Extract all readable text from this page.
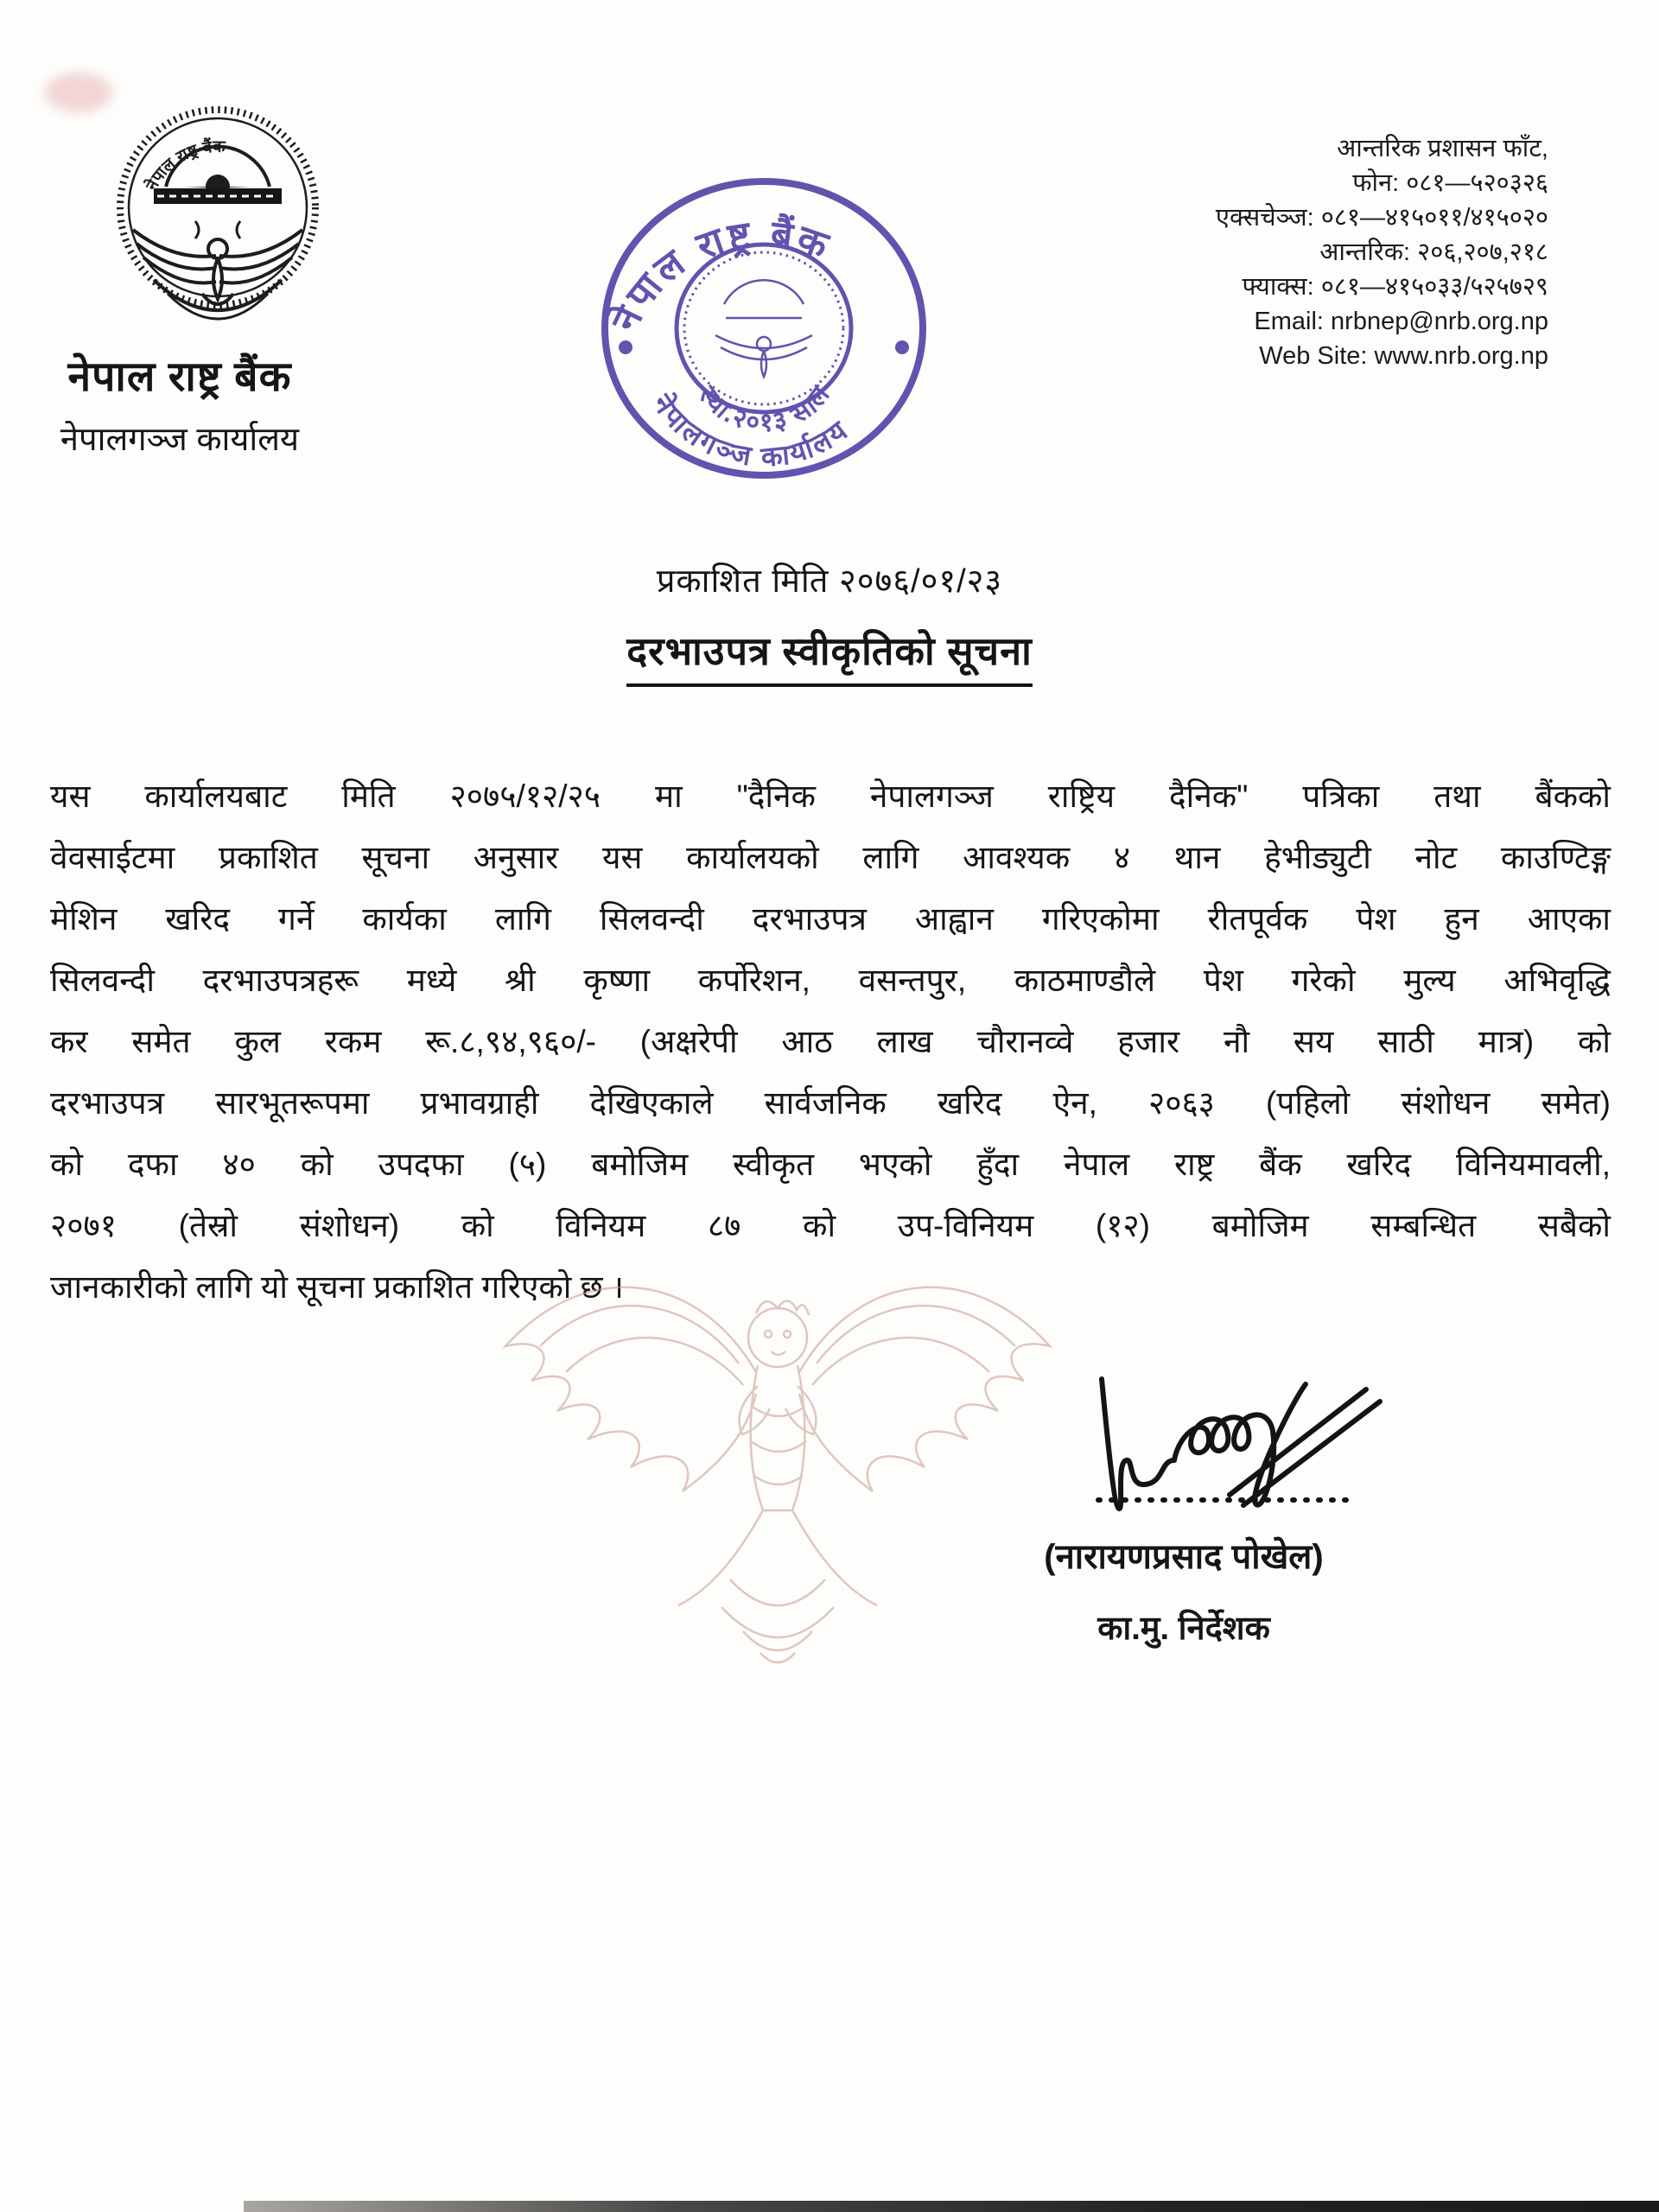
नेपाल राष्ट्र बैंक
नेपाल राष्ट्र बैंक
नेपालगञ्ज कार्यालय
नेपाल राष्ट्र बैंक
स्था.२०१३ साल
नेपालगञ्ज कार्यालय
आन्तरिक प्रशासन फाँट,
फोन: ०८१—५२०३२६
एक्सचेञ्ज: ०८१—४१५०११/४१५०२०
आन्तरिक: २०६,२०७,२१८
फ्याक्स: ०८१—४१५०३३/५२५७२९
Email: nrbnep@nrb.org.np
Web Site: www.nrb.org.np
प्रकाशित मिति २०७६/०१/२३
दरभाउपत्र स्वीकृतिको सूचना
यस कार्यालयबाट मिति २०७५/१२/२५ मा "दैनिक नेपालगञ्ज राष्ट्रिय दैनिक" पत्रिका तथा बैंकको
वेवसाईटमा प्रकाशित सूचना अनुसार यस कार्यालयको लागि आवश्यक ४ थान हेभीड्युटी नोट काउण्टिङ्ग
मेशिन खरिद गर्ने कार्यका लागि सिलवन्दी दरभाउपत्र आह्वान गरिएकोमा रीतपूर्वक पेश हुन आएका
सिलवन्दी दरभाउपत्रहरू मध्ये श्री कृष्णा कर्पोरेशन, वसन्तपुर, काठमाण्डौले पेश गरेको मुल्य अभिवृद्धि
कर समेत कुल रकम रू.८,९४,९६०/- (अक्षरेपी आठ लाख चौरानव्वे हजार नौ सय साठी मात्र) को
दरभाउपत्र सारभूतरूपमा प्रभावग्राही देखिएकाले सार्वजनिक खरिद ऐन, २०६३ (पहिलो संशोधन समेत)
को दफा ४० को उपदफा (५) बमोजिम स्वीकृत भएको हुँदा नेपाल राष्ट्र बैंक खरिद विनियमावली,
२०७१ (तेस्रो संशोधन) को विनियम ८७ को उप-विनियम (१२) बमोजिम सम्बन्धित सबैको
जानकारीको लागि यो सूचना प्रकाशित गरिएको छ ।
(नारायणप्रसाद पोखेल)
का.मु. निर्देशक
